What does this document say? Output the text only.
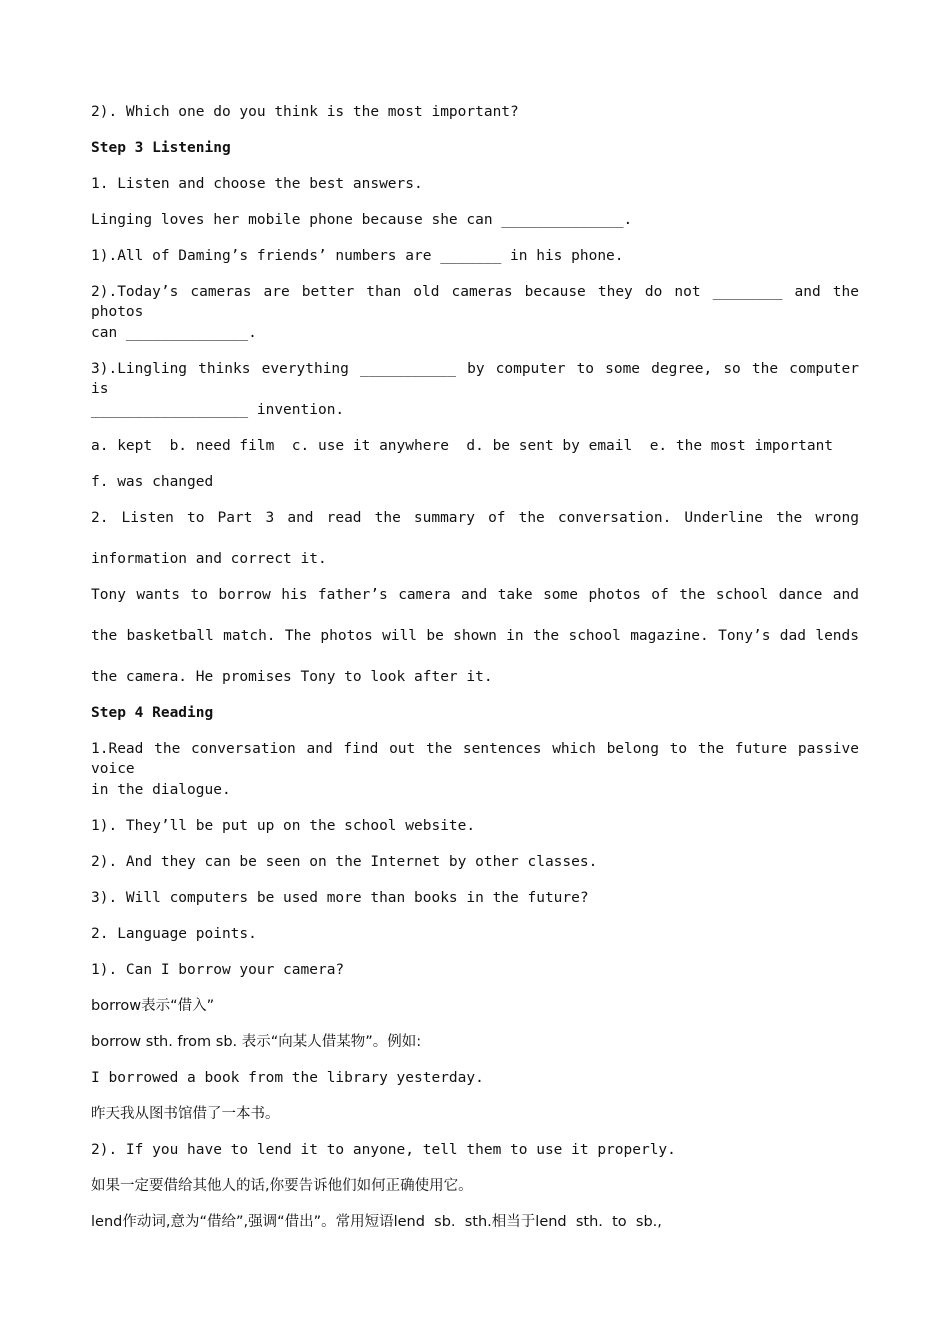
2). Which one do you think is the most important?
Step 3 Listening
1. Listen and choose the best answers.
Linging loves her mobile phone because she can ______________.
1).All of Daming’s friends’ numbers are _______ in his phone.
2).Today’s cameras are better than old cameras because they do not ________ and the photos
can ______________.
3).Lingling thinks everything ___________ by computer to some degree, so the computer is
__________________ invention.
a. kept  b. need film  c. use it anywhere  d. be sent by email  e. the most important
f. was changed
2. Listen to Part 3 and read the summary of the conversation. Underline the wrong
information and correct it.
Tony wants to borrow his father’s camera and take some photos of the school dance and
the basketball match. The photos will be shown in the school magazine. Tony’s dad lends
the camera. He promises Tony to look after it.
Step 4 Reading
1.Read the conversation and find out the sentences which belong to the future passive voice
in the dialogue.
1). They’ll be put up on the school website.
2). And they can be seen on the Internet by other classes.
3). Will computers be used more than books in the future?
2. Language points.
1). Can I borrow your camera?
borrow表示“借入”
borrow sth. from sb. 表示“向某人借某物”。例如:
I borrowed a book from the library yesterday.
昨天我从图书馆借了一本书。
2). If you have to lend it to anyone, tell them to use it properly.
如果一定要借给其他人的话,你要告诉他们如何正确使用它。
lend作动词,意为“借给”,强调“借出”。常用短语lend  sb.  sth.相当于lend  sth.  to  sb.,
